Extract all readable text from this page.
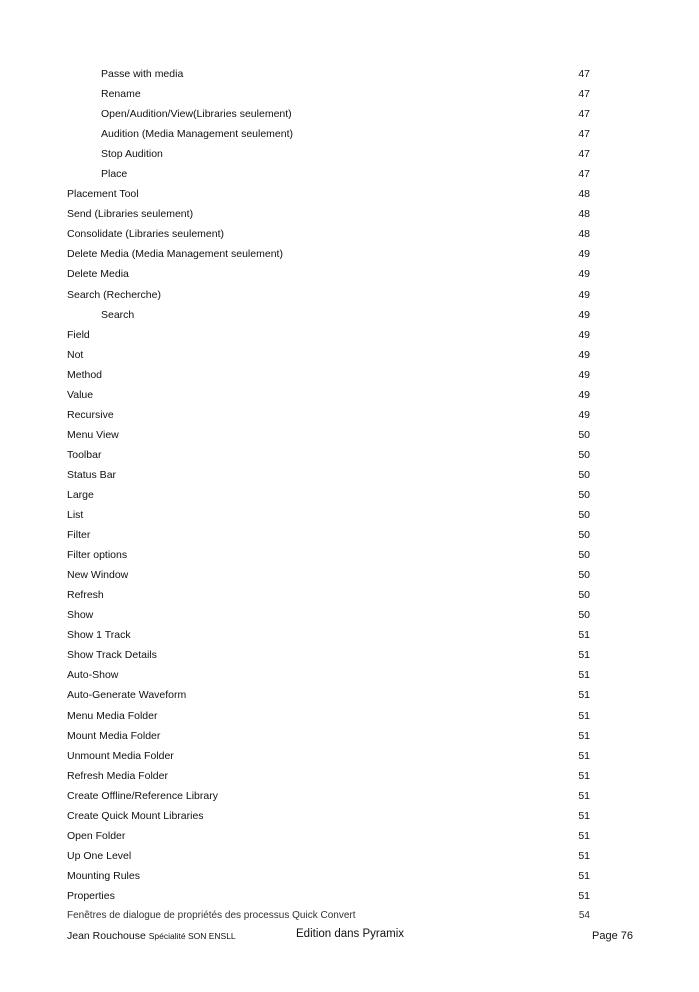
Passe with media	47
Rename	47
Open/Audition/View(Libraries seulement)	47
Audition (Media Management seulement)	47
Stop Audition	47
Place	47
Placement Tool	48
Send (Libraries seulement)	48
Consolidate (Libraries seulement)	48
Delete Media (Media Management seulement)	49
Delete Media	49
Search (Recherche)	49
Search	49
Field	49
Not	49
Method	49
Value	49
Recursive	49
Menu View	50
Toolbar	50
Status Bar	50
Large	50
List	50
Filter	50
Filter options	50
New Window	50
Refresh	50
Show	50
Show 1 Track	51
Show Track Details	51
Auto-Show	51
Auto-Generate Waveform	51
Menu Media Folder	51
Mount Media Folder	51
Unmount Media Folder	51
Refresh Media Folder	51
Create Offline/Reference Library	51
Create Quick Mount Libraries	51
Open Folder	51
Up One Level	51
Mounting Rules	51
Properties	51
Fenêtres de dialogue de propriétés des processus Quick Convert	54
Jean Rouchouse Spécialité SON ENSLL	Edition dans Pyramix	Page 76
